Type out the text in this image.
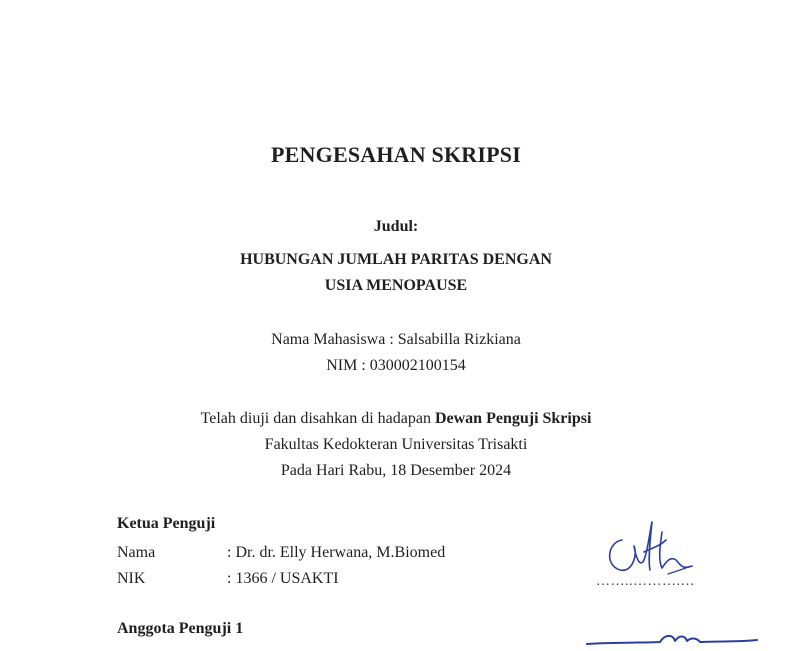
PENGESAHAN SKRIPSI
Judul:
HUBUNGAN JUMLAH PARITAS DENGAN
USIA MENOPAUSE
Nama Mahasiswa : Salsabilla Rizkiana
NIM : 030002100154
Telah diuji dan disahkan di hadapan Dewan Penguji Skripsi
Fakultas Kedokteran Universitas Trisakti
Pada Hari Rabu, 18 Desember 2024
Ketua Penguji
Nama	: Dr. dr. Elly Herwana, M.Biomed
NIK	: 1366 / USAKTI	……..……….…
Anggota Penguji 1
